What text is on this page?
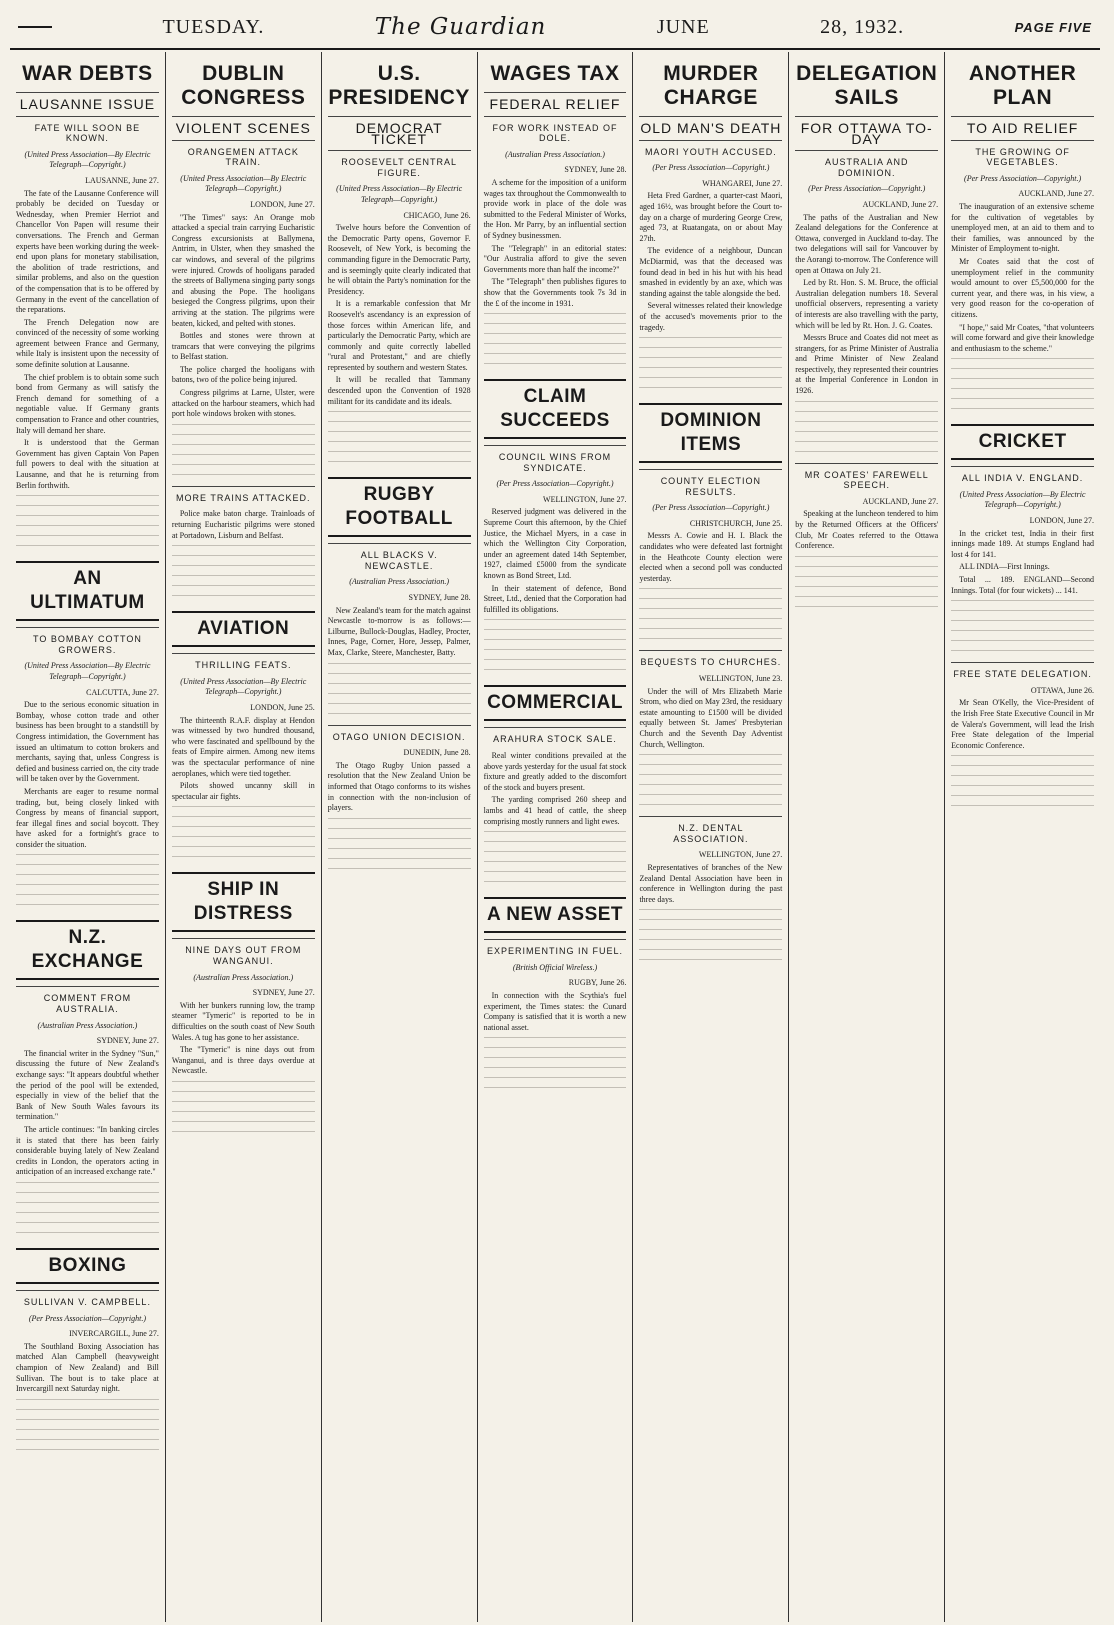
TUESDAY.	The Guardian	JUNE	28, 1932.	PAGE FIVE
WAR DEBTS
LAUSANNE ISSUE
FATE WILL SOON BE KNOWN.
(United Press Association—By Electric Telegraph—Copyright.)
LAUSANNE, June 27.

The fate of the Lausanne Conference will probably be decided on Tuesday or Wednesday, when Premier Herriot and Chancellor Von Papen will resume their conversations. The French and German experts have been working during the week-end upon plans for monetary stabilisation, the abolition of trade restrictions, and similar problems, and also on the question of the compensation that is to be offered by Germany in the event of the cancellation of the reparations.

The French Delegation now are convinced of the necessity of some working agreement between France and Germany, while Italy is insistent upon the necessity of some definite solution at Lausanne.

The chief problem is to obtain some such bond from Germany as will satisfy the French demand for something of a negotiable value. If Germany grants compensation to France and other countries, Italy will demand her share.

It is understood that the German Government has given Captain Von Papen full powers to deal with the situation at Lausanne, and that he is returning from Berlin forthwith.

AN ULTIMATUM
TO BOMBAY COTTON GROWERS.
(United Press Association—By Electric Telegraph—Copyright.)
CALCUTTA, June 27.

Due to the serious economic situation in Bombay, whose cotton trade and other business has been brought to a standstill by Congress intimidation, the Government has issued an ultimatum to cotton brokers and merchants, saying that, unless Congress is defied and business carried on, the city trade will be taken over by the Government.

Merchants are eager to resume normal trading, but, being closely linked with Congress by means of financial support, fear illegal fines and social boycott. They have asked for a fortnight's grace to consider the situation.

N.Z. EXCHANGE
COMMENT FROM AUSTRALIA.
(Australian Press Association.)
SYDNEY, June 27.

The financial writer in the Sydney "Sun," discussing the future of New Zealand's exchange says: "It appears doubtful whether the period of the pool will be extended, especially in view of the belief that the Bank of New South Wales favours its termination."

The article continues: "In banking circles it is stated that there has been fairly considerable buying lately of New Zealand credits in London, the operators acting in anticipation of an increased exchange rate."

BOXING
SULLIVAN V. CAMPBELL.
(Per Press Association—Copyright.)
INVERCARGILL, June 27.

The Southland Boxing Association has matched Alan Campbell (heavyweight champion of New Zealand) and Bill Sullivan. The bout is to take place at Invercargill next Saturday night.

DUBLIN CONGRESS
VIOLENT SCENES
ORANGEMEN ATTACK TRAIN.
(United Press Association—By Electric Telegraph—Copyright.)
LONDON, June 27.

"The Times" says: An Orange mob attacked a special train carrying Eucharistic Congress excursionists at Ballymena, Antrim, in Ulster, when they smashed the car windows, and several of the pilgrims were injured. Crowds of hooligans paraded the streets of Ballymena singing party songs and abusing the Pope. The hooligans besieged the Congress pilgrims, upon their arriving at the station. The pilgrims were beaten, kicked, and pelted with stones.

Bottles and stones were thrown at tramcars that were conveying the pilgrims to Belfast station.

The police charged the hooligans with batons, two of the police being injured.

Congress pilgrims at Larne, Ulster, were attacked on the harbour steamers, which had port hole windows broken with stones.

MORE TRAINS ATTACKED.

Police make baton charge. Trainloads of returning Eucharistic pilgrims were stoned at Portadown, Lisburn and Belfast.

AVIATION
THRILLING FEATS.
(United Press Association—By Electric Telegraph—Copyright.)
LONDON, June 25.

The thirteenth R.A.F. display at Hendon was witnessed by two hundred thousand, who were fascinated and spellbound by the feats of Empire airmen. Among new items was the spectacular performance of nine aeroplanes, which were tied together.

Pilots showed uncanny skill in spectacular air fights.

SHIP IN DISTRESS
NINE DAYS OUT FROM WANGANUI.
(Australian Press Association.)
SYDNEY, June 27.

With her bunkers running low, the tramp steamer "Tymeric" is reported to be in difficulties on the south coast of New South Wales. A tug has gone to her assistance.

The "Tymeric" is nine days out from Wanganui, and is three days overdue at Newcastle.

U.S. PRESIDENCY
DEMOCRAT TICKET
ROOSEVELT CENTRAL FIGURE.
(United Press Association—By Electric Telegraph—Copyright.)
CHICAGO, June 26.

Twelve hours before the Convention of the Democratic Party opens, Governor F. Roosevelt, of New York, is becoming the commanding figure in the Democratic Party, and is seemingly quite clearly indicated that he will obtain the Party's nomination for the Presidency.

It is a remarkable confession that Mr Roosevelt's ascendancy is an expression of those forces within American life, and particularly the Democratic Party, which are commonly and quite correctly labelled "rural and Protestant," and are chiefly represented by southern and western States.

It will be recalled that Tammany descended upon the Convention of 1928 militant for its candidate and its ideals.

RUGBY FOOTBALL
ALL BLACKS V. NEWCASTLE.
(Australian Press Association.)
SYDNEY, June 28.

New Zealand's team for the match against Newcastle to-morrow is as follows:—Lilburne, Bullock-Douglas, Hadley, Procter, Innes, Page, Corner, Hore, Jessep, Palmer, Max, Clarke, Steere, Manchester, Batty.

OTAGO UNION DECISION.
DUNEDIN, June 28.

The Otago Rugby Union passed a resolution that the New Zealand Union be informed that Otago conforms to its wishes in connection with the non-inclusion of players.

WAGES TAX
FEDERAL RELIEF
FOR WORK INSTEAD OF DOLE.
(Australian Press Association.)
SYDNEY, June 28.

A scheme for the imposition of a uniform wages tax throughout the Commonwealth to provide work in place of the dole was submitted to the Federal Minister of Works, the Hon. Mr Parry, by an influential section of Sydney businessmen.

The "Telegraph" in an editorial states: "Our Australia afford to give the seven Governments more than half the income?"

The "Telegraph" then publishes figures to show that the Governments took 7s 3d in the £ of the income in 1931.

CLAIM SUCCEEDS
COUNCIL WINS FROM SYNDICATE.
(Per Press Association—Copyright.)
WELLINGTON, June 27.

Reserved judgment was delivered in the Supreme Court this afternoon, by the Chief Justice, the Michael Myers, in a case in which the Wellington City Corporation, under an agreement dated 14th September, 1927, claimed £5000 from the syndicate known as Bond Street, Ltd.

In their statement of defence, Bond Street, Ltd., denied that the Corporation had fulfilled its obligations.

COMMERCIAL
ARAHURA STOCK SALE.

Real winter conditions prevailed at the above yards yesterday for the usual fat stock fixture and greatly added to the discomfort of the stock and buyers present.

The yarding comprised 260 sheep and lambs and 41 head of cattle, the sheep comprising mostly runners and light ewes.

A NEW ASSET
EXPERIMENTING IN FUEL.
(British Official Wireless.)
RUGBY, June 26.

In connection with the Scythia's fuel experiment, the Times states: the Cunard Company is satisfied that it is worth a new national asset.

MURDER CHARGE
OLD MAN'S DEATH
MAORI YOUTH ACCUSED.
(Per Press Association—Copyright.)
WHANGAREI, June 27.

Heta Fred Gardner, a quarter-cast Maori, aged 16½, was brought before the Court to-day on a charge of murdering George Crew, aged 73, at Ruatangata, on or about May 27th.

The evidence of a neighbour, Duncan McDiarmid, was that the deceased was found dead in bed in his hut with his head smashed in evidently by an axe, which was standing against the table alongside the bed.

Several witnesses related their knowledge of the accused's movements prior to the tragedy.

DOMINION ITEMS
COUNTY ELECTION RESULTS.
(Per Press Association—Copyright.)
CHRISTCHURCH, June 25.

Messrs A. Cowie and H. I. Black the candidates who were defeated last fortnight in the Heathcote County election were elected when a second poll was conducted yesterday.

BEQUESTS TO CHURCHES.
WELLINGTON, June 23.

Under the will of Mrs Elizabeth Marie Strom, who died on May 23rd, the residuary estate amounting to £1500 will be divided equally between St. James' Presbyterian Church and the Seventh Day Adventist Church, Wellington.

N.Z. DENTAL ASSOCIATION.
WELLINGTON, June 27.

Representatives of branches of the New Zealand Dental Association have been in conference in Wellington during the past three days.

DELEGATION SAILS
FOR OTTAWA TO-DAY
AUSTRALIA AND DOMINION.
(Per Press Association—Copyright.)
AUCKLAND, June 27.

The paths of the Australian and New Zealand delegations for the Conference at Ottawa, converged in Auckland to-day. The two delegations will sail for Vancouver by the Aorangi to-morrow. The Conference will open at Ottawa on July 21.

Led by Rt. Hon. S. M. Bruce, the official Australian delegation numbers 18. Several unofficial observers, representing a variety of interests are also travelling with the party, which will be led by Rt. Hon. J. G. Coates.

Messrs Bruce and Coates did not meet as strangers, for as Prime Minister of Australia and Prime Minister of New Zealand respectively, they represented their countries at the Imperial Conference in London in 1926.

MR COATES' FAREWELL SPEECH.
AUCKLAND, June 27.

Speaking at the luncheon tendered to him by the Returned Officers at the Officers' Club, Mr Coates referred to the Ottawa Conference.

ANOTHER PLAN
TO AID RELIEF
THE GROWING OF VEGETABLES.
(Per Press Association—Copyright.)
AUCKLAND, June 27.

The inauguration of an extensive scheme for the cultivation of vegetables by unemployed men, at an aid to them and to their families, was announced by the Minister of Employment to-night.

Mr Coates said that the cost of unemployment relief in the community would amount to over £5,500,000 for the current year, and there was, in his view, a very good reason for the co-operation of citizens.

"I hope," said Mr Coates, "that volunteers will come forward and give their knowledge and enthusiasm to the scheme."

CRICKET
ALL INDIA V. ENGLAND.
(United Press Association—By Electric Telegraph—Copyright.)
LONDON, June 27.

In the cricket test, India in their first innings made 189. At stumps England had lost 4 for 141.

ALL INDIA—First Innings.

Total ... 189. ENGLAND—Second Innings. Total (for four wickets) ... 141.

FREE STATE DELEGATION.
OTTAWA, June 26.

Mr Sean O'Kelly, the Vice-President of the Irish Free State Executive Council in Mr de Valera's Government, will lead the Irish Free State delegation of the Imperial Economic Conference.
